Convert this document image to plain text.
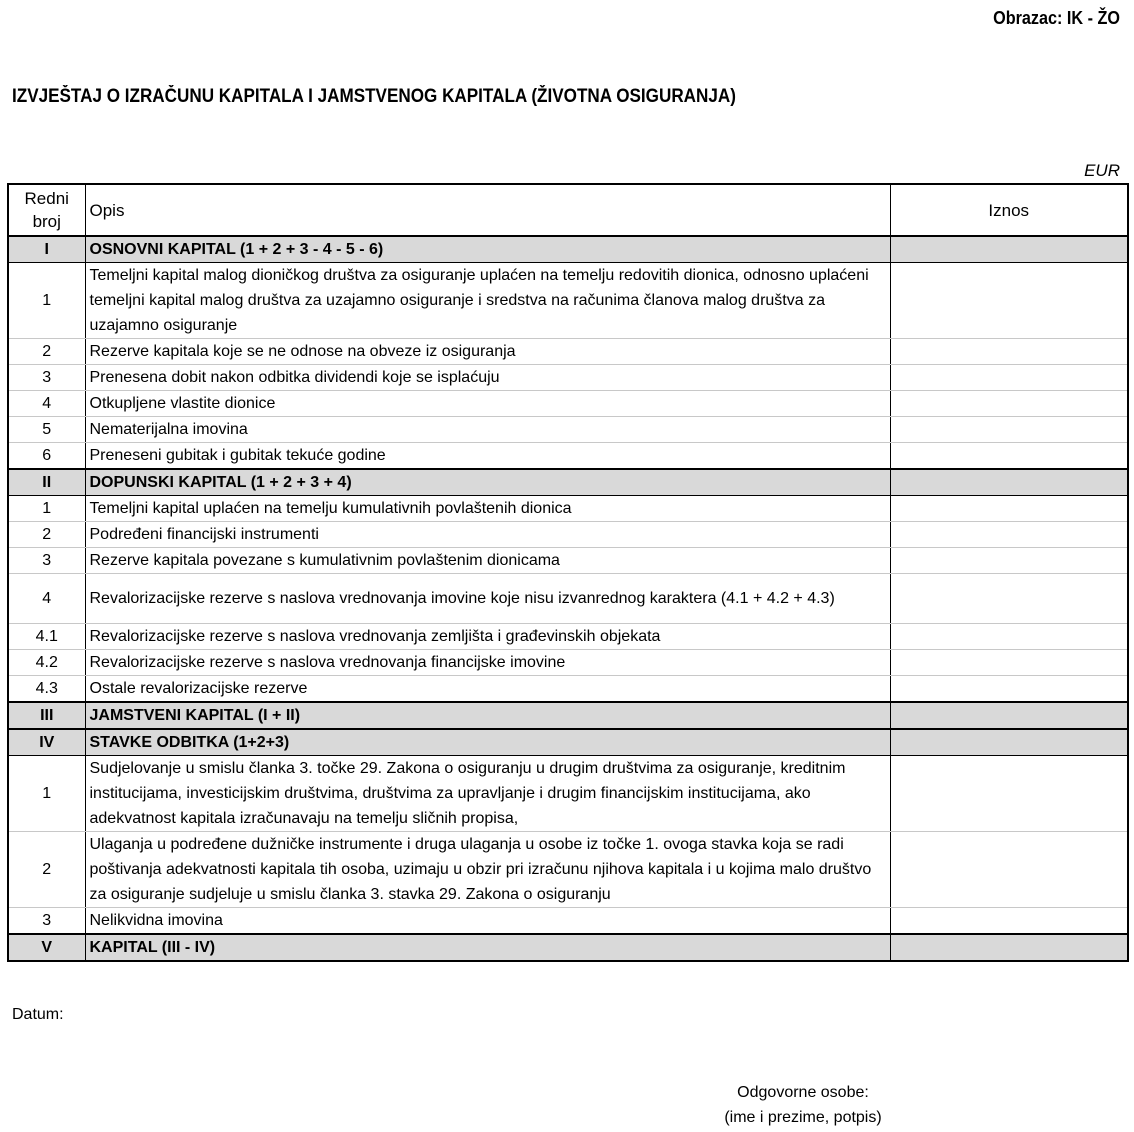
Obrazac: IK - ŽO
IZVJEŠTAJ O IZRAČUNU KAPITALA I JAMSTVENOG KAPITALA (ŽIVOTNA OSIGURANJA)
EUR
Redni
broj	Opis	Iznos
I	OSNOVNI KAPITAL (1 + 2 + 3 - 4 - 5 - 6)	
1	Temeljni kapital malog dioničkog društva za osiguranje uplaćen na temelju redovitih dionica, odnosno uplaćeni temeljni kapital malog društva za uzajamno osiguranje i sredstva na računima članova malog društva za uzajamno osiguranje	
2	Rezerve kapitala koje se ne odnose na obveze iz osiguranja	
3	Prenesena dobit nakon odbitka dividendi koje se isplaćuju	
4	Otkupljene vlastite dionice	
5	Nematerijalna imovina	
6	Preneseni gubitak i gubitak tekuće godine	
II	DOPUNSKI KAPITAL (1 + 2 + 3 + 4)	
1	Temeljni kapital uplaćen na temelju kumulativnih povlaštenih dionica	
2	Podređeni financijski instrumenti	
3	Rezerve kapitala povezane s kumulativnim povlaštenim dionicama	
4	Revalorizacijske rezerve s naslova vrednovanja imovine koje nisu izvanrednog karaktera (4.1 + 4.2 + 4.3)	
4.1	Revalorizacijske rezerve s naslova vrednovanja zemljišta i građevinskih objekata	
4.2	Revalorizacijske rezerve s naslova vrednovanja financijske imovine	
4.3	Ostale revalorizacijske rezerve	
III	JAMSTVENI KAPITAL (I + II)	
IV	STAVKE ODBITKA (1+2+3)	
1	Sudjelovanje u smislu članka 3. točke 29. Zakona o osiguranju u drugim društvima za osiguranje, kreditnim institucijama, investicijskim društvima, društvima za upravljanje i drugim financijskim institucijama, ako adekvatnost kapitala izračunavaju na temelju sličnih propisa,	
2	Ulaganja u podređene dužničke instrumente i druga ulaganja u osobe iz točke 1. ovoga stavka koja se radi poštivanja adekvatnosti kapitala tih osoba, uzimaju u obzir pri izračunu njihova kapitala i u kojima malo društvo za osiguranje sudjeluje u smislu članka 3. stavka 29. Zakona o osiguranju	
3	Nelikvidna imovina	
V	KAPITAL (III - IV)	
Datum:
Odgovorne osobe:
(ime i prezime, potpis)
